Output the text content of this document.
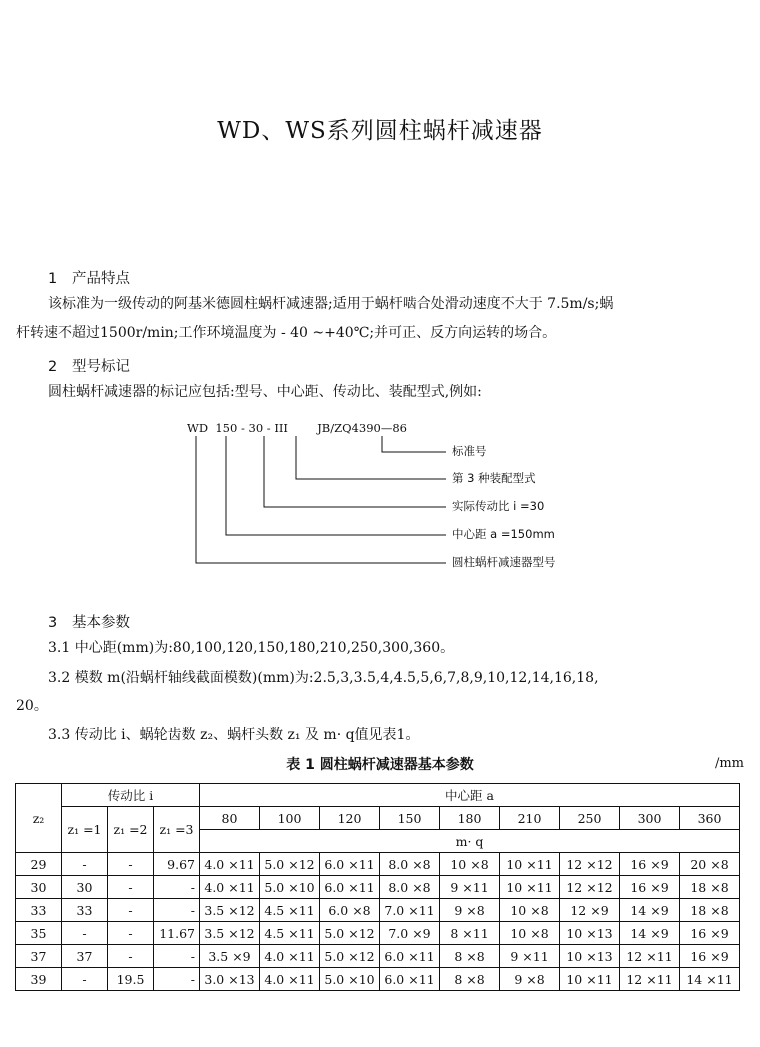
WD、WS系列圆柱蜗杆减速器
1 产品特点
该标准为一级传动的阿基米德圆柱蜗杆减速器;适用于蜗杆啮合处滑动速度不大于 7.5m/s;蜗
杆转速不超过1500r/min;工作环境温度为 - 40 ~+40℃;并可正、反方向运转的场合。
2 型号标记
圆柱蜗杆减速器的标记应包括:型号、中心距、传动比、装配型式,例如:
WD  150 - 30 - III        JB/ZQ4390—86
标准号
第 3 种装配型式
实际传动比 i =30
中心距 a =150mm
圆柱蜗杆减速器型号
3 基本参数
3.1 中心距(mm)为:80,100,120,150,180,210,250,300,360。
3.2 模数 m(沿蜗杆轴线截面模数)(mm)为:2.5,3,3.5,4,4.5,5,6,7,8,9,10,12,14,16,18,
20。
3.3 传动比 i、蜗轮齿数 z₂、蜗杆头数 z₁ 及 m· q值见表1。
表 1 圆柱蜗杆减速器基本参数	/mm
z₂	传动比 i			中心距 a								
	z₁ =1	z₁ =2	z₁ =3	80	100	120	150	180	210	250	300	360
				m· q								
29	-	-	9.67	4.0 ×11	5.0 ×12	6.0 ×11	8.0 ×8	10 ×8	10 ×11	12 ×12	16 ×9	20 ×8
30	30	-	-	4.0 ×11	5.0 ×10	6.0 ×11	8.0 ×8	9 ×11	10 ×11	12 ×12	16 ×9	18 ×8
33	33	-	-	3.5 ×12	4.5 ×11	6.0 ×8	7.0 ×11	9 ×8	10 ×8	12 ×9	14 ×9	18 ×8
35	-	-	11.67	3.5 ×12	4.5 ×11	5.0 ×12	7.0 ×9	8 ×11	10 ×8	10 ×13	14 ×9	16 ×9
37	37	-	-	3.5 ×9	4.0 ×11	5.0 ×12	6.0 ×11	8 ×8	9 ×11	10 ×13	12 ×11	16 ×9
39	-	19.5	-	3.0 ×13	4.0 ×11	5.0 ×10	6.0 ×11	8 ×8	9 ×8	10 ×11	12 ×11	14 ×11
